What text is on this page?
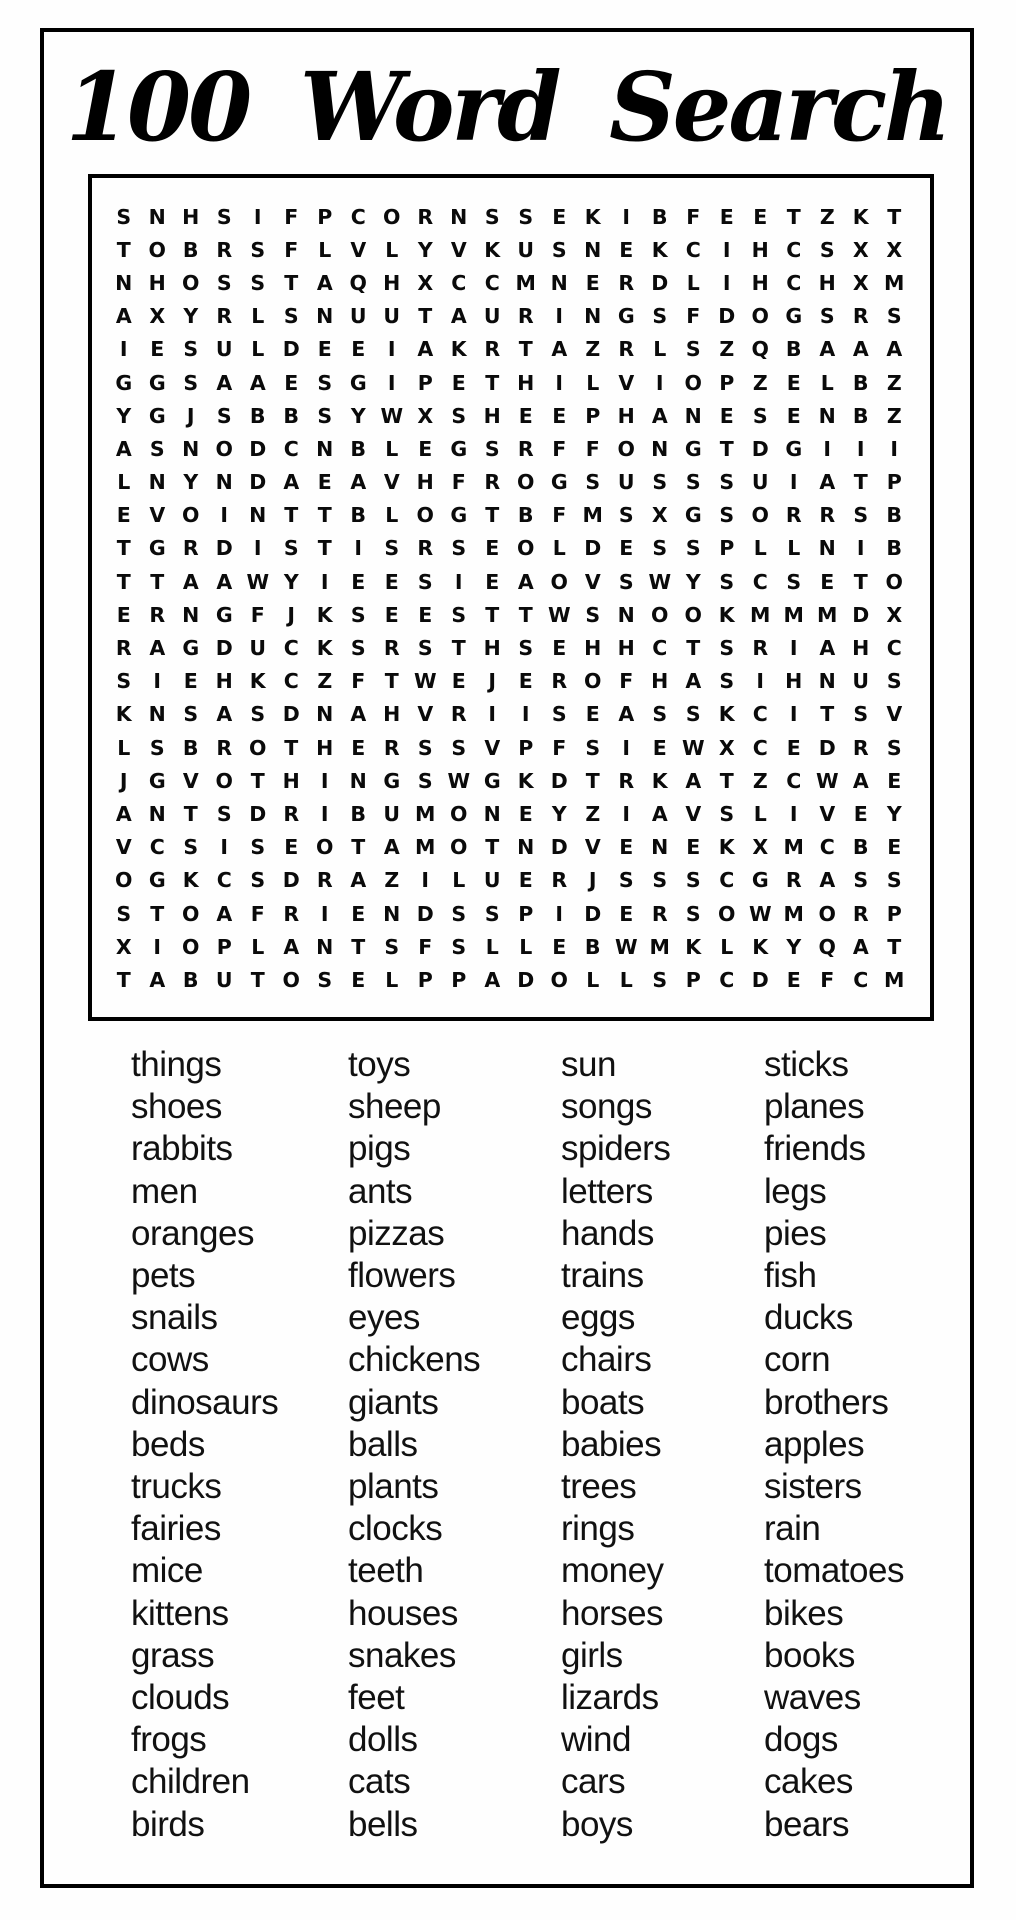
100 Word Search
S N H S	I	F P C O R N S S E K	I	B F E E T Z K T
T O B R S F L V L Y V K U S N E K C	I	H C S X X
N H O S S T A Q H X C C M N E R D L	I	H C H X M
A X Y R L S N U U T A U R	I	N G S F D O G S R S
I	E S U L D E E	I	A K R T A Z R L S Z Q B A A A
G G S A A E S G	I	P E T H	I	L V	I	O P Z E L B Z
Y G	J	S B B S Y W X S H E E P H A N E S E N B Z
A S N O D C N B L E G S R F F O N G T D G	I	I	I
L N Y N D A E A V H F R O G S U S S S U	I	A T P
E V O	I	N T T B L O G T B F M S X G S O R R S B
T G R D	I	S T	I	S R S E O L D E S S P L L N	I	B
T T A A W Y	I	E E S	I	E A O V S W Y S C S E T O
E R N G F	J	K S E E S T T W S N O O K M M M D X
R A G D U C K S R S T H S E H H C T S R	I	A H C
S	I	E H K C Z F T W E	J	E R O F H A S	I	H N U S
K N S A S D N A H V R	I	I	S E A S S K C	I	T S V
L S B R O T H E R S S V P F S	I	E W X C E D R S
J	G V O T H	I	N G S W G K D T R K A T Z C W A E
A N T S D R	I	B U M O N E Y Z	I	A V S L	I	V E Y
V C S	I	S E O T A M O T N D V E N E K X M C B E
O G K C S D R A Z	I	L U E R	J	S S S C G R A S S
S T O A F R	I	E N D S S P	I	D E R S O W M O R P
X	I	O P L A N T S F S L L E B W M K L K Y Q A T
T A B U T O S E L P P A D O L L S P C D E F C M
things
shoes
rabbits
men
oranges
pets
snails
cows
dinosaurs
beds
trucks
fairies
mice
kittens
grass
clouds
frogs
children
birds
toys
sheep
pigs
ants
pizzas
flowers
eyes
chickens
giants
balls
plants
clocks
teeth
houses
snakes
feet
dolls
cats
bells
sun
songs
spiders
letters
hands
trains
eggs
chairs
boats
babies
trees
rings
money
horses
girls
lizards
wind
cars
boys
sticks
planes
friends
legs
pies
fish
ducks
corn
brothers
apples
sisters
rain
tomatoes
bikes
books
waves
dogs
cakes
bears
